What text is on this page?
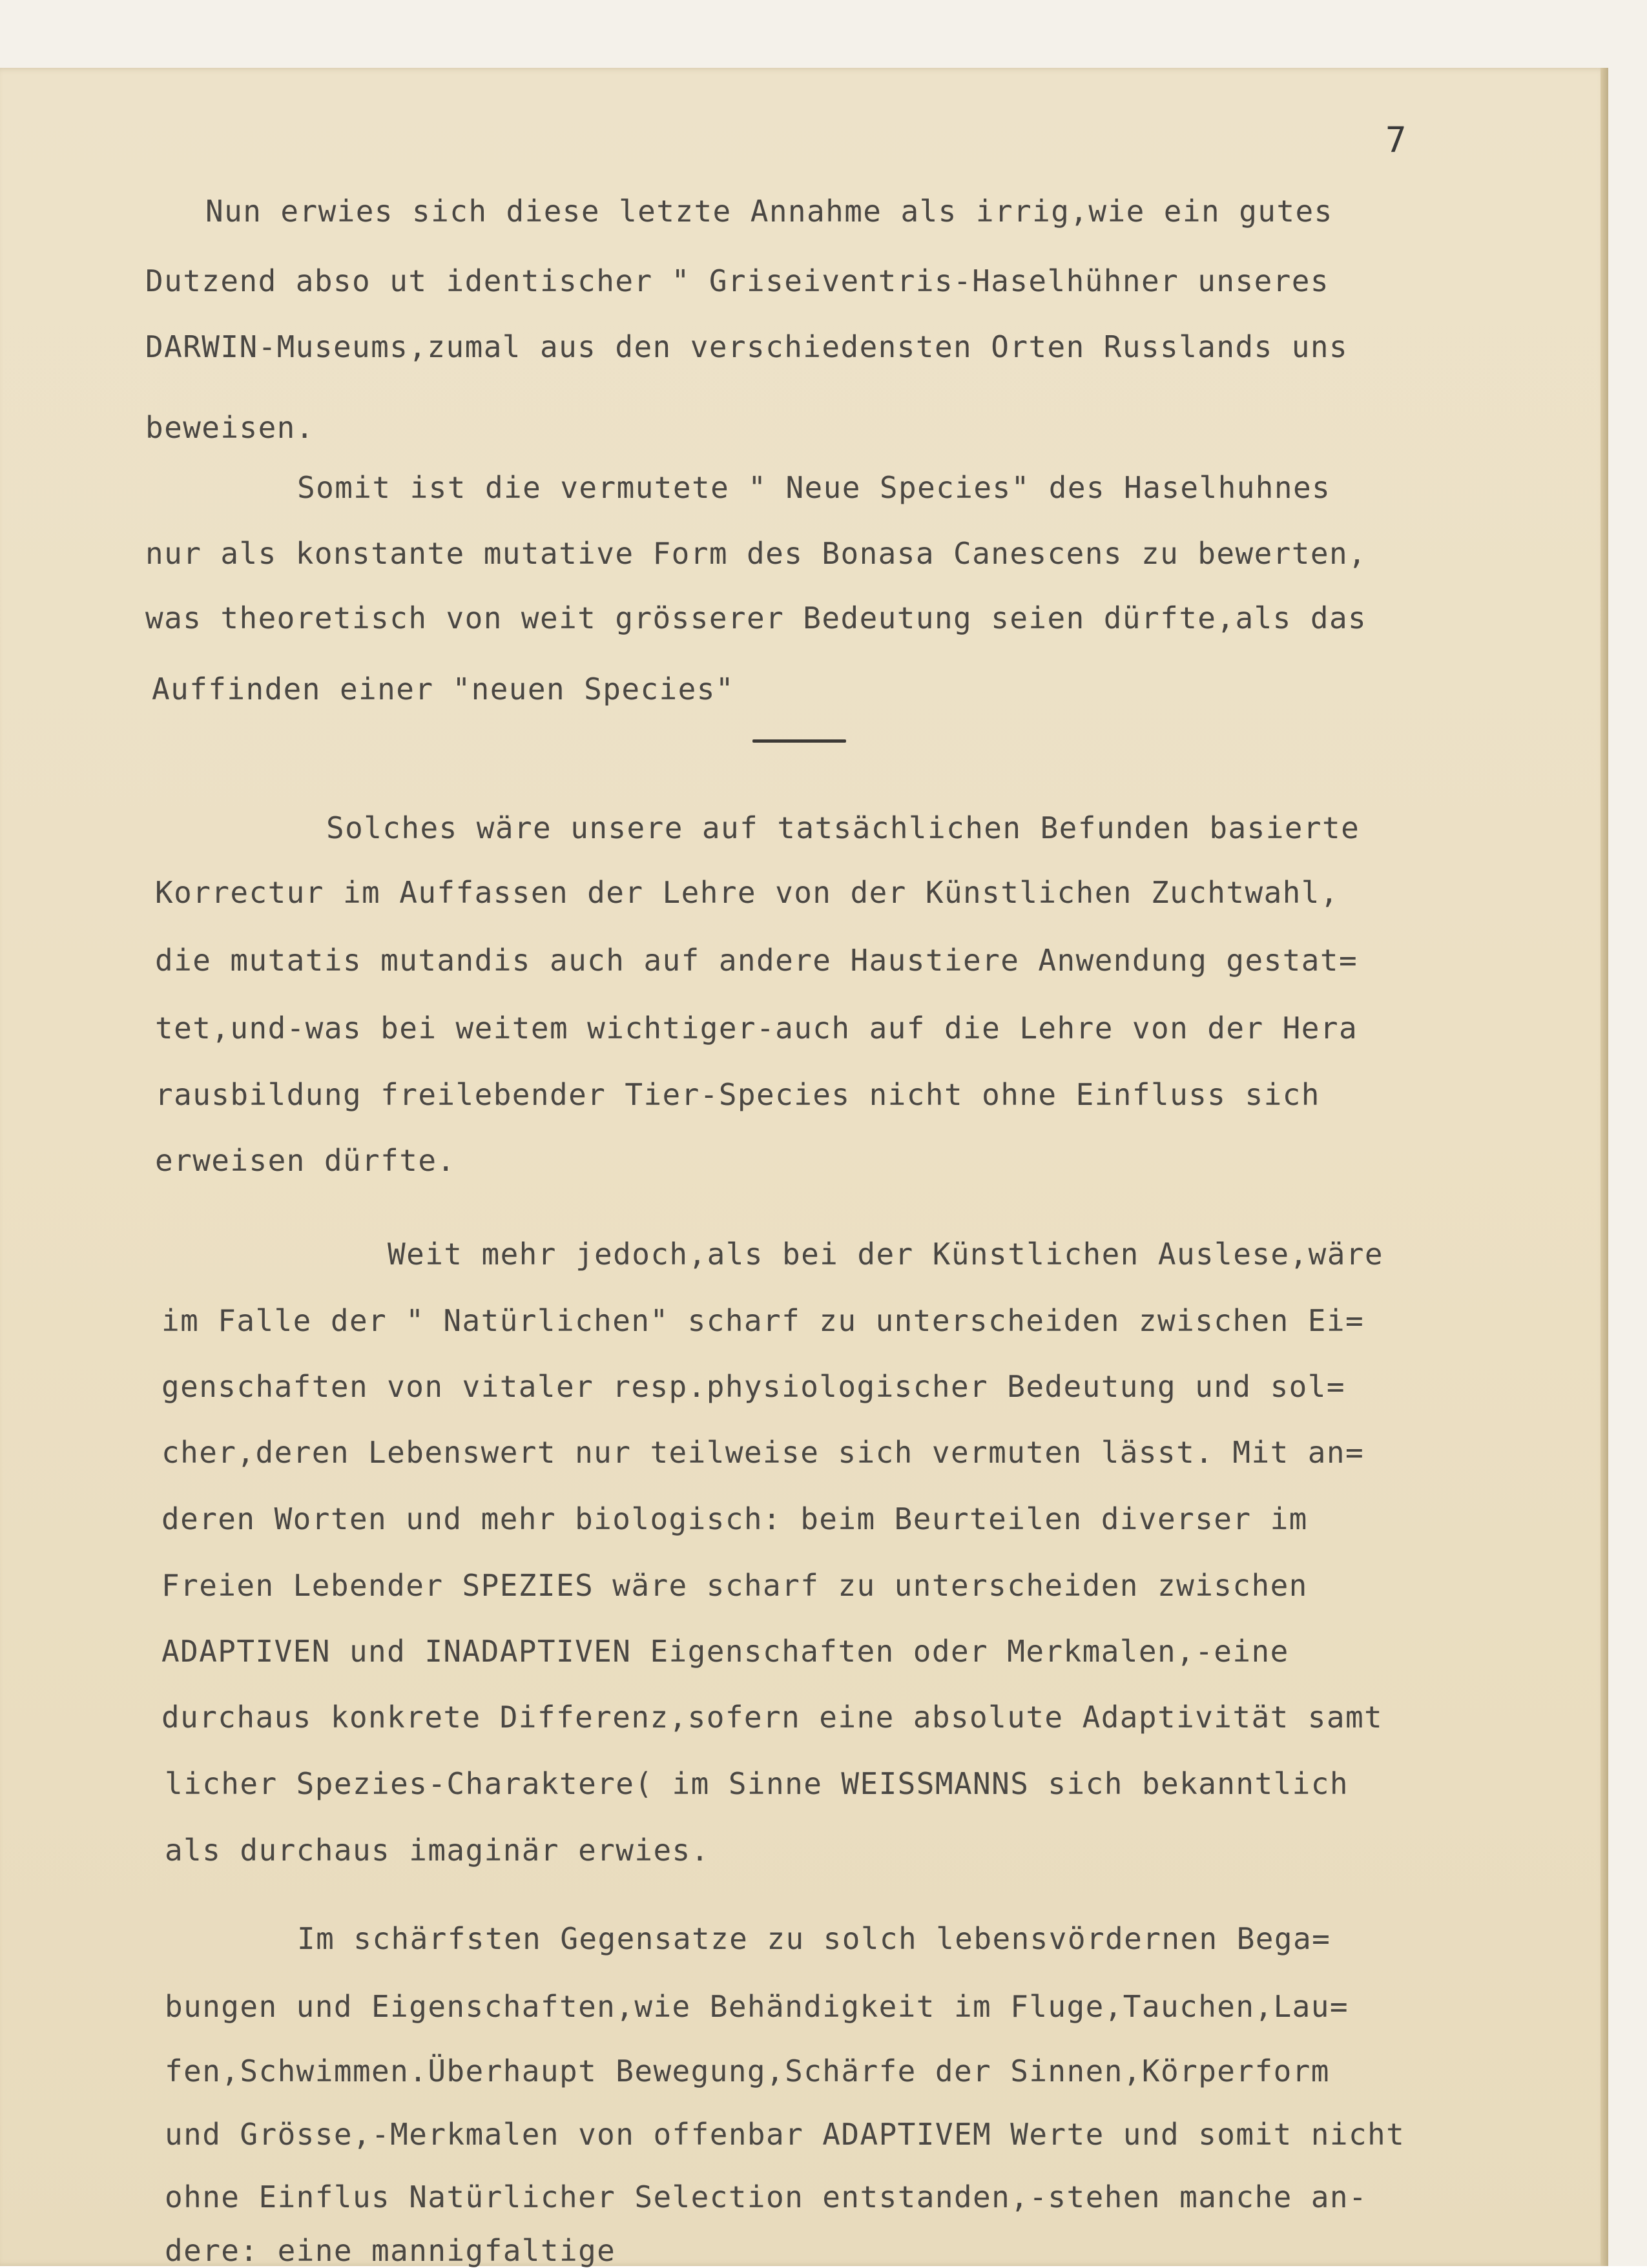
7
Nun erwies sich diese letzte Annahme als irrig,wie ein gutes
Dutzend abso ut identischer " Griseiventris-Haselhühner unseres
DARWIN-Museums,zumal aus den verschiedensten Orten Russlands uns
beweisen.
Somit ist die vermutete " Neue Species" des Haselhuhnes
nur als konstante mutative Form des Bonasa Canescens zu bewerten,
was theoretisch von weit grösserer Bedeutung seien dürfte,als das
Auffinden einer "neuen Species"
Solches wäre unsere auf tatsächlichen Befunden basierte
Korrectur im Auffassen der Lehre von der Künstlichen Zuchtwahl,
die mutatis mutandis auch auf andere Haustiere Anwendung gestat=
tet,und-was bei weitem wichtiger-auch auf die Lehre von der Hera
rausbildung freilebender Tier-Species nicht ohne Einfluss sich
erweisen dürfte.
Weit mehr jedoch,als bei der Künstlichen Auslese,wäre
im Falle der " Natürlichen" scharf zu unterscheiden zwischen Ei=
genschaften von vitaler resp.physiologischer Bedeutung und sol=
cher,deren Lebenswert nur teilweise sich vermuten lässt. Mit an=
deren Worten und mehr biologisch: beim Beurteilen diverser im
Freien Lebender SPEZIES wäre scharf zu unterscheiden zwischen
ADAPTIVEN und INADAPTIVEN Eigenschaften oder Merkmalen,-eine
durchaus konkrete Differenz,sofern eine absolute Adaptivität samt
licher Spezies-Charaktere( im Sinne WEISSMANNS sich bekanntlich
als durchaus imaginär erwies.
Im schärfsten Gegensatze zu solch lebensvördernen Bega=
bungen und Eigenschaften,wie Behändigkeit im Fluge,Tauchen,Lau=
fen,Schwimmen.Überhaupt Bewegung,Schärfe der Sinnen,Körperform
und Grösse,-Merkmalen von offenbar ADAPTIVEM Werte und somit nicht
ohne Einflus Natürlicher Selection entstanden,-stehen manche an-
dere: eine mannigfaltige
